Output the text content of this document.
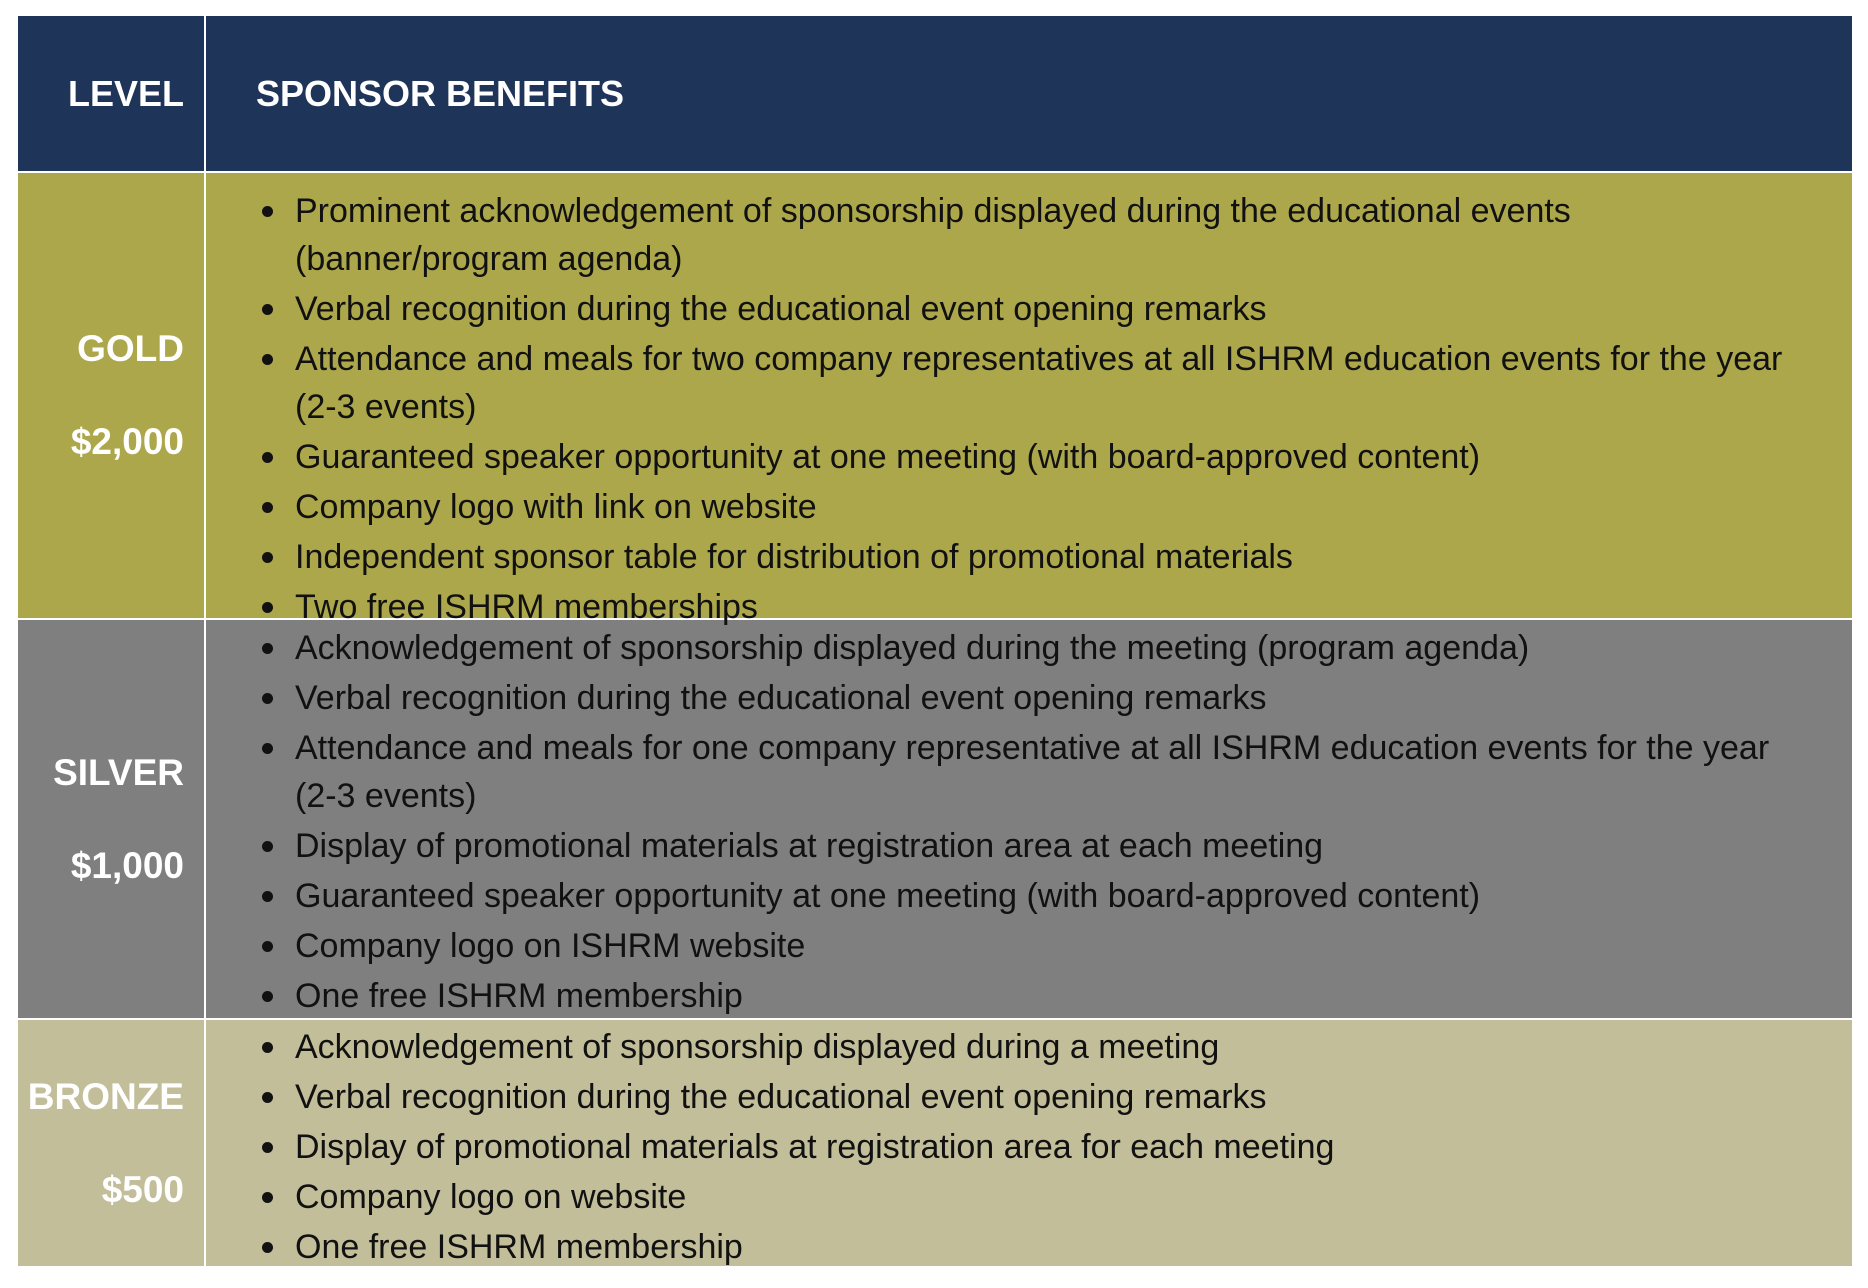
LEVEL SPONSOR BENEFITS
GOLD
$2,000
Prominent acknowledgement of sponsorship displayed during the educational events (banner/program agenda)
Verbal recognition during the educational event opening remarks
Attendance and meals for two company representatives at all ISHRM education events for the year (2-3 events)
Guaranteed speaker opportunity at one meeting (with board-approved content)
Company logo with link on website
Independent sponsor table for distribution of promotional materials
Two free ISHRM memberships
SILVER
$1,000
Acknowledgement of sponsorship displayed during the meeting (program agenda)
Verbal recognition during the educational event opening remarks
Attendance and meals for one company representative at all ISHRM education events for the year (2-3 events)
Display of promotional materials at registration area at each meeting
Guaranteed speaker opportunity at one meeting (with board-approved content)
Company logo on ISHRM website
One free ISHRM membership
BRONZE
$500
Acknowledgement of sponsorship displayed during a meeting
Verbal recognition during the educational event opening remarks
Display of promotional materials at registration area for each meeting
Company logo on website
One free ISHRM membership
